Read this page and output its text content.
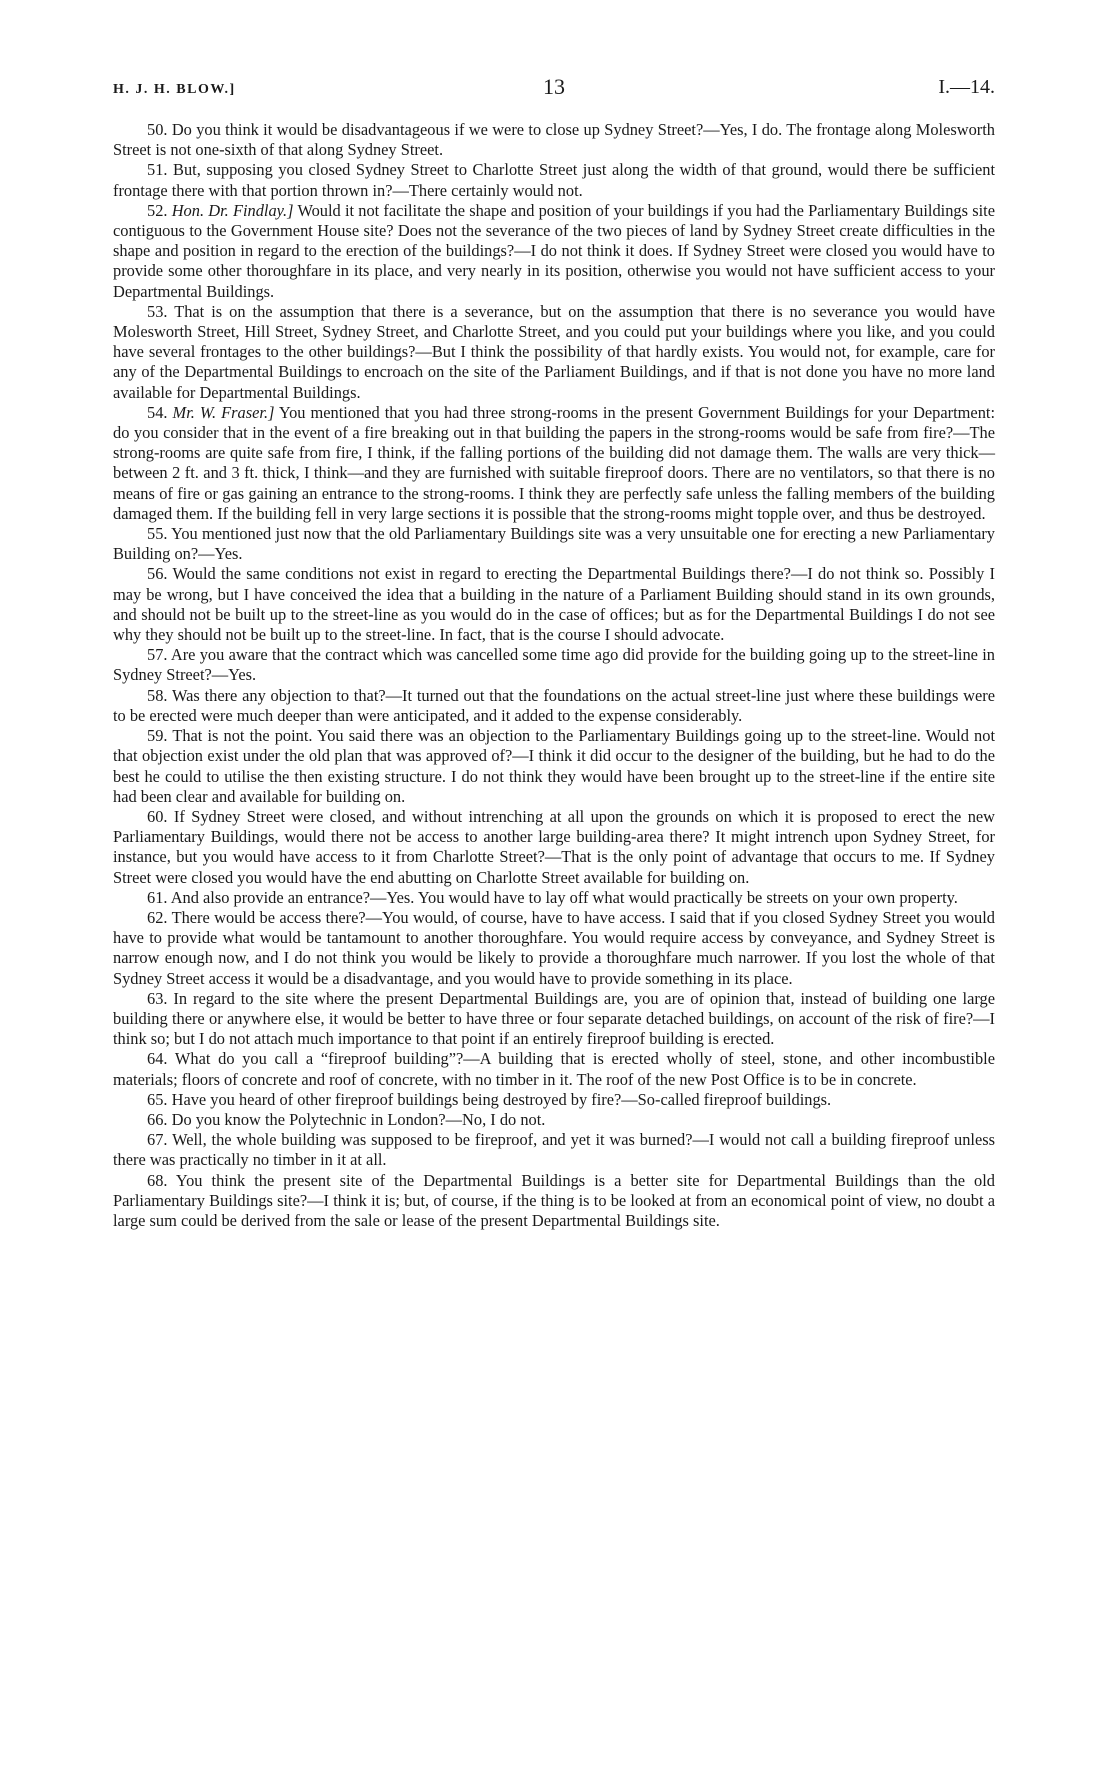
H. J. H. BLOW.]	13	I.—14.

50. Do you think it would be disadvantageous if we were to close up Sydney Street?—Yes, I do. The frontage along Molesworth Street is not one-sixth of that along Sydney Street.

51. But, supposing you closed Sydney Street to Charlotte Street just along the width of that ground, would there be sufficient frontage there with that portion thrown in?—There certainly would not.

52. Hon. Dr. Findlay.] Would it not facilitate the shape and position of your buildings if you had the Parliamentary Buildings site contiguous to the Government House site? Does not the severance of the two pieces of land by Sydney Street create difficulties in the shape and position in regard to the erection of the buildings?—I do not think it does. If Sydney Street were closed you would have to provide some other thoroughfare in its place, and very nearly in its position, otherwise you would not have sufficient access to your Departmental Buildings.

53. That is on the assumption that there is a severance, but on the assumption that there is no severance you would have Molesworth Street, Hill Street, Sydney Street, and Charlotte Street, and you could put your buildings where you like, and you could have several frontages to the other buildings?—But I think the possibility of that hardly exists. You would not, for example, care for any of the Departmental Buildings to encroach on the site of the Parliament Buildings, and if that is not done you have no more land available for Departmental Buildings.

54. Mr. W. Fraser.] You mentioned that you had three strong-rooms in the present Government Buildings for your Department: do you consider that in the event of a fire breaking out in that building the papers in the strong-rooms would be safe from fire?—The strong-rooms are quite safe from fire, I think, if the falling portions of the building did not damage them. The walls are very thick—between 2 ft. and 3 ft. thick, I think—and they are furnished with suitable fireproof doors. There are no ventilators, so that there is no means of fire or gas gaining an entrance to the strong-rooms. I think they are perfectly safe unless the falling members of the building damaged them. If the building fell in very large sections it is possible that the strong-rooms might topple over, and thus be destroyed.

55. You mentioned just now that the old Parliamentary Buildings site was a very unsuitable one for erecting a new Parliamentary Building on?—Yes.

56. Would the same conditions not exist in regard to erecting the Departmental Buildings there?—I do not think so. Possibly I may be wrong, but I have conceived the idea that a building in the nature of a Parliament Building should stand in its own grounds, and should not be built up to the street-line as you would do in the case of offices; but as for the Departmental Buildings I do not see why they should not be built up to the street-line. In fact, that is the course I should advocate.

57. Are you aware that the contract which was cancelled some time ago did provide for the building going up to the street-line in Sydney Street?—Yes.

58. Was there any objection to that?—It turned out that the foundations on the actual street-line just where these buildings were to be erected were much deeper than were anticipated, and it added to the expense considerably.

59. That is not the point. You said there was an objection to the Parliamentary Buildings going up to the street-line. Would not that objection exist under the old plan that was approved of?—I think it did occur to the designer of the building, but he had to do the best he could to utilise the then existing structure. I do not think they would have been brought up to the street-line if the entire site had been clear and available for building on.

60. If Sydney Street were closed, and without intrenching at all upon the grounds on which it is proposed to erect the new Parliamentary Buildings, would there not be access to another large building-area there? It might intrench upon Sydney Street, for instance, but you would have access to it from Charlotte Street?—That is the only point of advantage that occurs to me. If Sydney Street were closed you would have the end abutting on Charlotte Street available for building on.

61. And also provide an entrance?—Yes. You would have to lay off what would practically be streets on your own property.

62. There would be access there?—You would, of course, have to have access. I said that if you closed Sydney Street you would have to provide what would be tantamount to another thoroughfare. You would require access by conveyance, and Sydney Street is narrow enough now, and I do not think you would be likely to provide a thoroughfare much narrower. If you lost the whole of that Sydney Street access it would be a disadvantage, and you would have to provide something in its place.

63. In regard to the site where the present Departmental Buildings are, you are of opinion that, instead of building one large building there or anywhere else, it would be better to have three or four separate detached buildings, on account of the risk of fire?—I think so; but I do not attach much importance to that point if an entirely fireproof building is erected.

64. What do you call a “fireproof building”?—A building that is erected wholly of steel, stone, and other incombustible materials; floors of concrete and roof of concrete, with no timber in it. The roof of the new Post Office is to be in concrete.

65. Have you heard of other fireproof buildings being destroyed by fire?—So-called fireproof buildings.

66. Do you know the Polytechnic in London?—No, I do not.

67. Well, the whole building was supposed to be fireproof, and yet it was burned?—I would not call a building fireproof unless there was practically no timber in it at all.

68. You think the present site of the Departmental Buildings is a better site for Departmental Buildings than the old Parliamentary Buildings site?—I think it is; but, of course, if the thing is to be looked at from an economical point of view, no doubt a large sum could be derived from the sale or lease of the present Departmental Buildings site.
